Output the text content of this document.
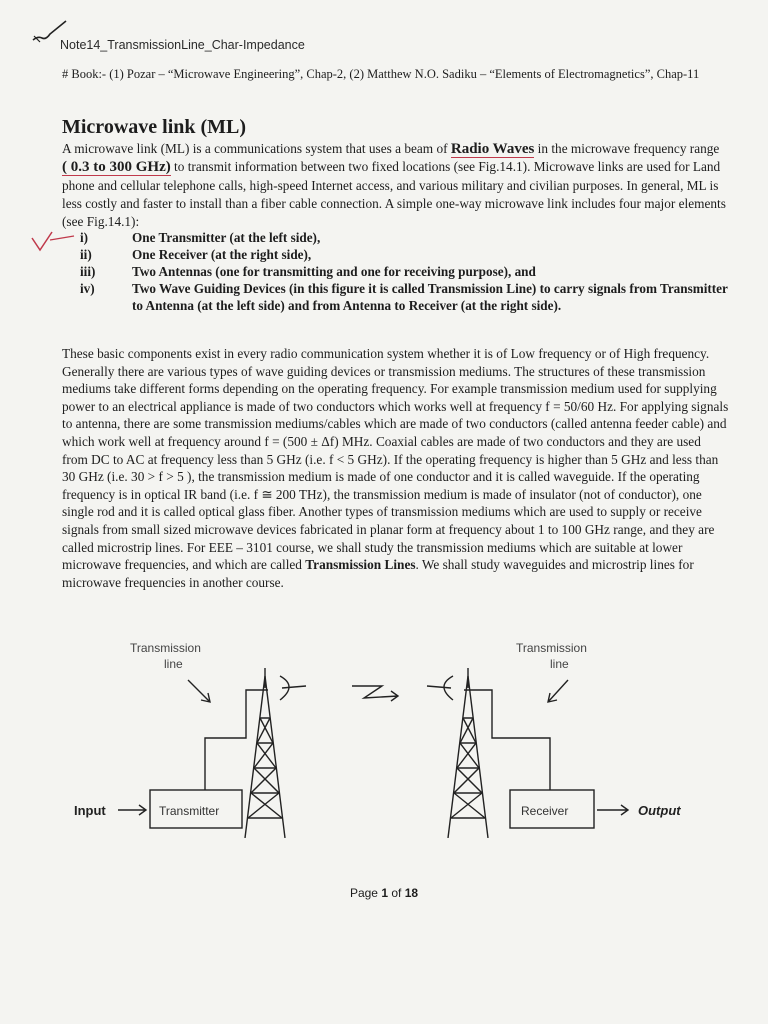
Note14_TransmissionLine_Char-Impedance
# Book:- (1) Pozar – “Microwave Engineering”, Chap-2, (2) Matthew N.O. Sadiku – “Elements of Electromagnetics”, Chap-11
Microwave link (ML)

A microwave link (ML) is a communications system that uses a beam of Radio Waves in the microwave frequency range ( 0.3 to 300 GHz) to transmit information between two fixed locations (see Fig.14.1). Microwave links are used for Land phone and cellular telephone calls, high-speed Internet access, and various military and civilian purposes. In general, ML is less costly and faster to install than a fiber cable connection. A simple one-way microwave link includes four major elements (see Fig.14.1):

i)	One Transmitter (at the left side),
ii)	One Receiver (at the right side),
iii)	Two Antennas (one for transmitting and one for receiving purpose), and
iv)	Two Wave Guiding Devices (in this figure it is called Transmission Line) to carry signals from Transmitter to Antenna (at the left side) and from Antenna to Receiver (at the right side).

These basic components exist in every radio communication system whether it is of Low frequency or of High frequency. Generally there are various types of wave guiding devices or transmission mediums. The structures of these transmission mediums take different forms depending on the operating frequency. For example transmission medium used for supplying power to an electrical appliance is made of two conductors which works well at frequency f = 50/60 Hz. For applying signals to antenna, there are some transmission mediums/cables which are made of two conductors (called antenna feeder cable) and which work well at frequency around f = (500 ± Δf) MHz. Coaxial cables are made of two conductors and they are used from DC to AC at frequency less than 5 GHz (i.e. f < 5 GHz). If the operating frequency is higher than 5 GHz and less than 30 GHz (i.e. 30 > f > 5 ), the transmission medium is made of one conductor and it is called waveguide. If the operating frequency is in optical IR band (i.e. f ≅ 200 THz), the transmission medium is made of insulator (not of conductor), one single rod and it is called optical glass fiber. Another types of transmission mediums which are used to supply or receive signals from small sized microwave devices fabricated in planar form at frequency about 1 to 100 GHz range, and they are called microstrip lines. For EEE – 3101 course, we shall study the transmission mediums which are suitable at lower microwave frequencies, and which are called Transmission Lines. We shall study waveguides and microstrip lines for microwave frequencies in another course.

Transmission
line
Transmission
line
Input	Transmitter	Receiver	Output
Page 1 of 18
